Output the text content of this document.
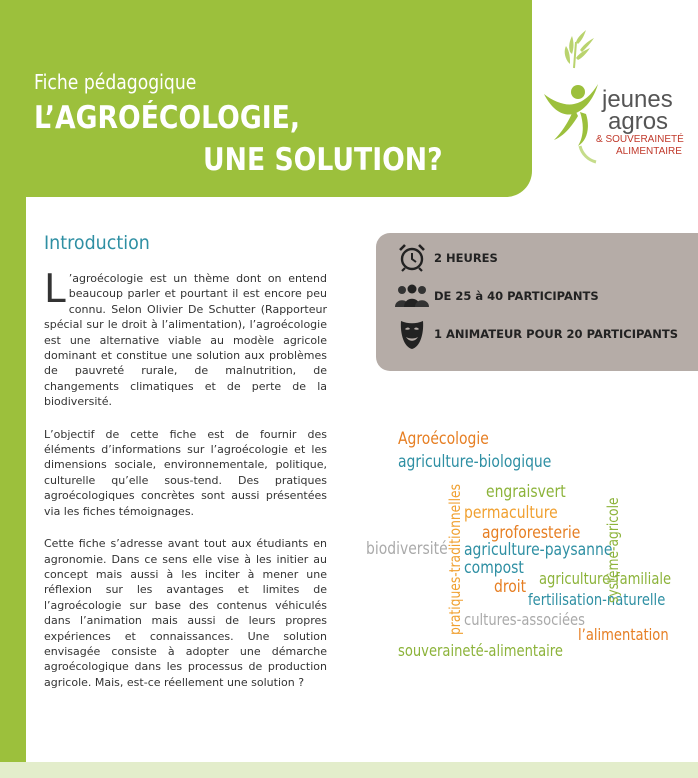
Fiche pédagogique
L’AGROÉCOLOGIE,
UNE SOLUTION?
jeunes
agros
& SOUVERAINETÉ
ALIMENTAIRE
Introduction

L ’agroécologie est un thème dont on entend beaucoup parler et pourtant il est encore peu connu. Selon Olivier De Schutter (Rapporteur spécial sur le droit à l’alimentation), l’agroécologie est une alternative viable au modèle agricole dominant et constitue une solution aux problèmes de pauvreté rurale, de malnutrition, de changements climatiques et de perte de la biodiversité.

L’objectif de cette fiche est de fournir des éléments d’informations sur l’agroécologie et les dimensions sociale, environnementale, politique, culturelle qu’elle sous-tend. Des pratiques agroécologiques concrètes sont aussi présentées via les fiches témoignages.

Cette fiche s’adresse avant tout aux étudiants en agronomie. Dans ce sens elle vise à les initier au concept mais aussi à les inciter à mener une réflexion sur les avantages et limites de l’agroécologie sur base des contenus véhiculés dans l’animation mais aussi de leurs propres expériences et connaissances. Une solution envisagée consiste à adopter une démarche agroécologique dans les processus de production agricole. Mais, est-ce réellement une solution ?

2 HEURES
DE 25 à 40 PARTICIPANTS
1 ANIMATEUR POUR 20 PARTICIPANTS
Agroécologie
agriculture-biologique
engraisvert
permaculture
agroforesterie
biodiversité agriculture-paysanne
compost
droit agriculture-familiale
fertilisation-naturelle
cultures-associées
l’alimentation
souveraineté-alimentaire
pratiques-traditionnelles	système-agricole
